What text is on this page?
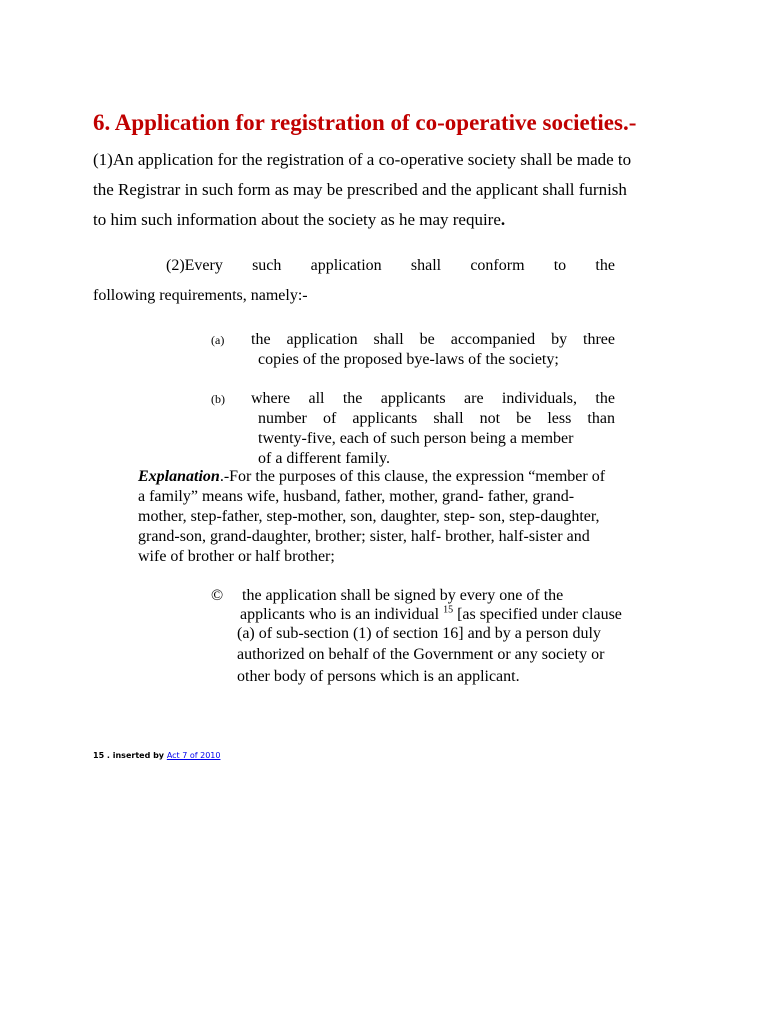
6. Application for registration of co-operative societies.-
(1)An application for the registration of a co-operative society shall be made to
the Registrar in such form as may be prescribed and the applicant shall furnish
to him such information about the society as he may require.
(2)Every such application shall conform to the
following requirements, namely:-
(a) the application shall be accompanied by three
copies of the proposed bye-laws of the society;
(b) where all the applicants are individuals, the
number of applicants shall not be less than
twenty-five, each of such person being a member
of a different family.
Explanation.-For the purposes of this clause, the expression “member of
a family” means wife, husband, father, mother, grand- father, grand-
mother, step-father, step-mother, son, daughter, step- son, step-daughter,
grand-son, grand-daughter, brother; sister, half- brother, half-sister and
wife of brother or half brother;
© the application shall be signed by every one of the
applicants who is an individual $^{15}$ [as specified under clause
(a) of sub-section (1) of section 16] and by a person duly
authorized on behalf of the Government or any society or
other body of persons which is an applicant.
15 . inserted by Act 7 of 2010
